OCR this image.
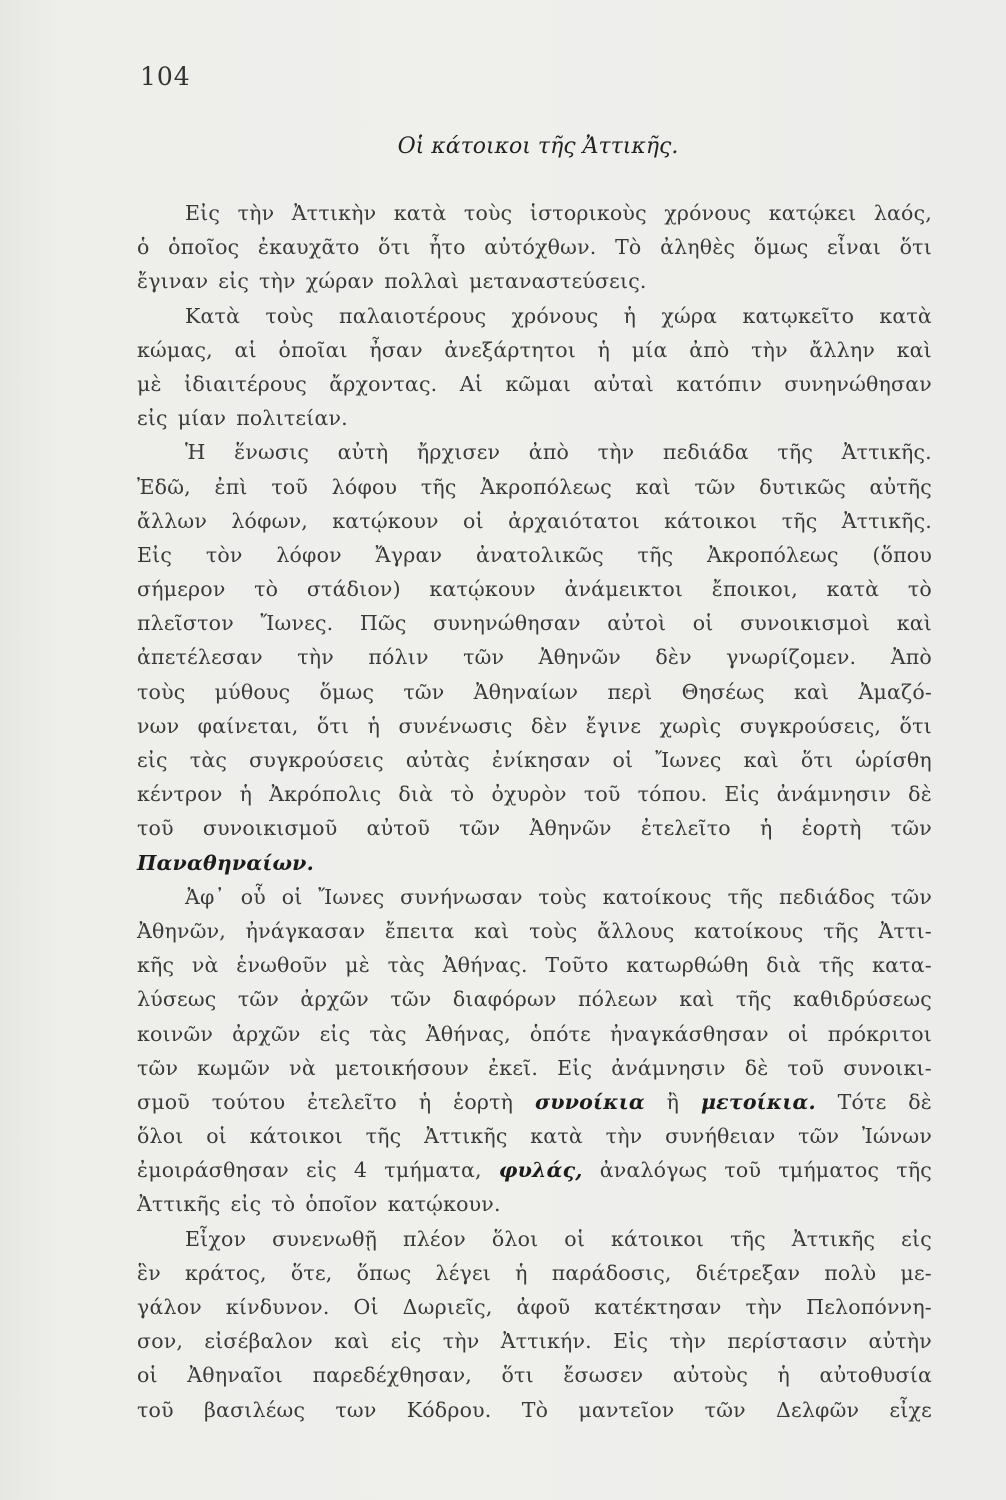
104
Οἱ κάτοικοι τῆς Ἀττικῆς.
Εἰς τὴν Ἀττικὴν κατὰ τοὺς ἱστορικοὺς χρόνους κατῴκει λαός,
ὁ ὁποῖος ἐκαυχᾶτο ὅτι ἦτο αὐτόχθων. Τὸ ἀληθὲς ὅμως εἶναι ὅτι
ἔγιναν εἰς τὴν χώραν πολλαὶ μεταναστεύσεις.
Κατὰ τοὺς παλαιοτέρους χρόνους ἡ χώρα κατῳκεῖτο κατὰ
κώμας, αἱ ὁποῖαι ἦσαν ἀνεξάρτητοι ἡ μία ἀπὸ τὴν ἄλλην καὶ
μὲ ἰδιαιτέρους ἄρχοντας. Αἱ κῶμαι αὐταὶ κατόπιν συνηνώθησαν
εἰς μίαν πολιτείαν.
Ἡ ἕνωσις αὐτὴ ἤρχισεν ἀπὸ τὴν πεδιάδα τῆς Ἀττικῆς.
Ἐδῶ, ἐπὶ τοῦ λόφου τῆς Ἀκροπόλεως καὶ τῶν δυτικῶς αὐτῆς
ἄλλων λόφων, κατῴκουν οἱ ἀρχαιότατοι κάτοικοι τῆς Ἀττικῆς.
Εἰς τὸν λόφον Ἄγραν ἀνατολικῶς τῆς Ἀκροπόλεως (ὅπου
σήμερον τὸ στάδιον) κατῴκουν ἀνάμεικτοι ἔποικοι, κατὰ τὸ
πλεῖστον Ἴωνες. Πῶς συνηνώθησαν αὐτοὶ οἱ συνοικισμοὶ καὶ
ἀπετέλεσαν τὴν πόλιν τῶν Ἀθηνῶν δὲν γνωρίζομεν. Ἀπὸ
τοὺς μύθους ὅμως τῶν Ἀθηναίων περὶ Θησέως καὶ Ἀμαζό-
νων φαίνεται, ὅτι ἡ συνένωσις δὲν ἔγινε χωρὶς συγκρούσεις, ὅτι
εἰς τὰς συγκρούσεις αὐτὰς ἐνίκησαν οἱ Ἴωνες καὶ ὅτι ὡρίσθη
κέντρον ἡ Ἀκρόπολις διὰ τὸ ὀχυρὸν τοῦ τόπου. Εἰς ἀνάμνησιν δὲ
τοῦ συνοικισμοῦ αὐτοῦ τῶν Ἀθηνῶν ἐτελεῖτο ἡ ἑορτὴ τῶν
Παναθηναίων.
Ἀφ᾽ οὗ οἱ Ἴωνες συνήνωσαν τοὺς κατοίκους τῆς πεδιάδος τῶν
Ἀθηνῶν, ἠνάγκασαν ἔπειτα καὶ τοὺς ἄλλους κατοίκους τῆς Ἀττι-
κῆς νὰ ἑνωθοῦν μὲ τὰς Ἀθήνας. Τοῦτο κατωρθώθη διὰ τῆς κατα-
λύσεως τῶν ἀρχῶν τῶν διαφόρων πόλεων καὶ τῆς καθιδρύσεως
κοινῶν ἀρχῶν εἰς τὰς Ἀθήνας, ὁπότε ἠναγκάσθησαν οἱ πρόκριτοι
τῶν κωμῶν νὰ μετοικήσουν ἐκεῖ. Εἰς ἀνάμνησιν δὲ τοῦ συνοικι-
σμοῦ τούτου ἐτελεῖτο ἡ ἑορτὴ συνοίκια ἢ μετοίκια. Τότε δὲ
ὅλοι οἱ κάτοικοι τῆς Ἀττικῆς κατὰ τὴν συνήθειαν τῶν Ἰώνων
ἐμοιράσθησαν εἰς 4 τμήματα, φυλάς, ἀναλόγως τοῦ τμήματος τῆς
Ἀττικῆς εἰς τὸ ὁποῖον κατῴκουν.
Εἶχον συνενωθῇ πλέον ὅλοι οἱ κάτοικοι τῆς Ἀττικῆς εἰς
ἓν κράτος, ὅτε, ὅπως λέγει ἡ παράδοσις, διέτρεξαν πολὺ με-
γάλον κίνδυνον. Οἱ Δωριεῖς, ἀφοῦ κατέκτησαν τὴν Πελοπόννη-
σον, εἰσέβαλον καὶ εἰς τὴν Ἀττικήν. Εἰς τὴν περίστασιν αὐτὴν
οἱ Ἀθηναῖοι παρεδέχθησαν, ὅτι ἔσωσεν αὐτοὺς ἡ αὐτοθυσία
τοῦ βασιλέως των Κόδρου. Τὸ μαντεῖον τῶν Δελφῶν εἶχε
